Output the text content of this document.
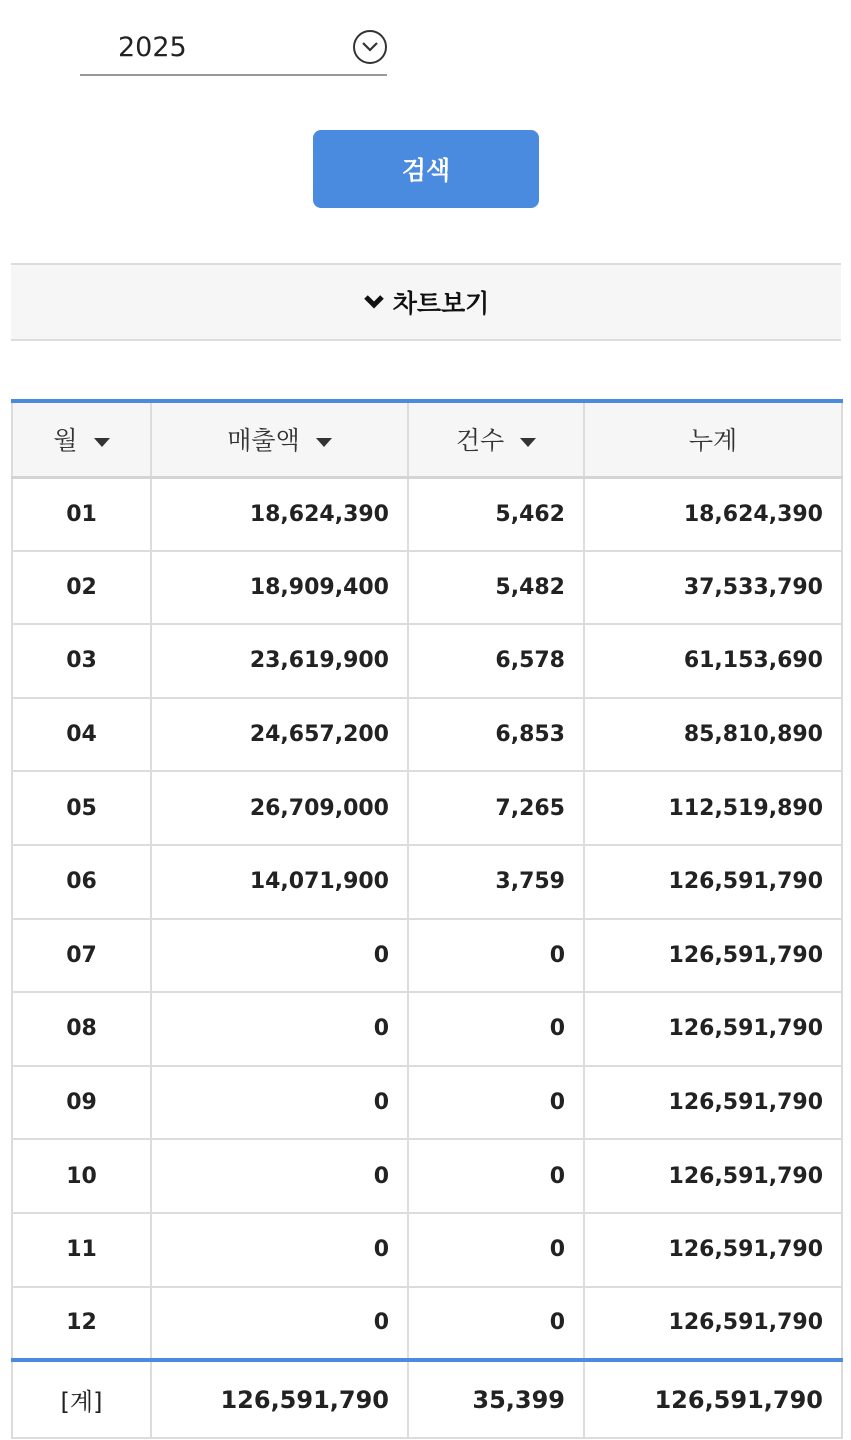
2025
검색
차트보기
월	매출액	건수	누계
01	18,624,390	5,462	18,624,390
02	18,909,400	5,482	37,533,790
03	23,619,900	6,578	61,153,690
04	24,657,200	6,853	85,810,890
05	26,709,000	7,265	112,519,890
06	14,071,900	3,759	126,591,790
07	0	0	126,591,790
08	0	0	126,591,790
09	0	0	126,591,790
10	0	0	126,591,790
11	0	0	126,591,790
12	0	0	126,591,790
[계]	126,591,790	35,399	126,591,790
